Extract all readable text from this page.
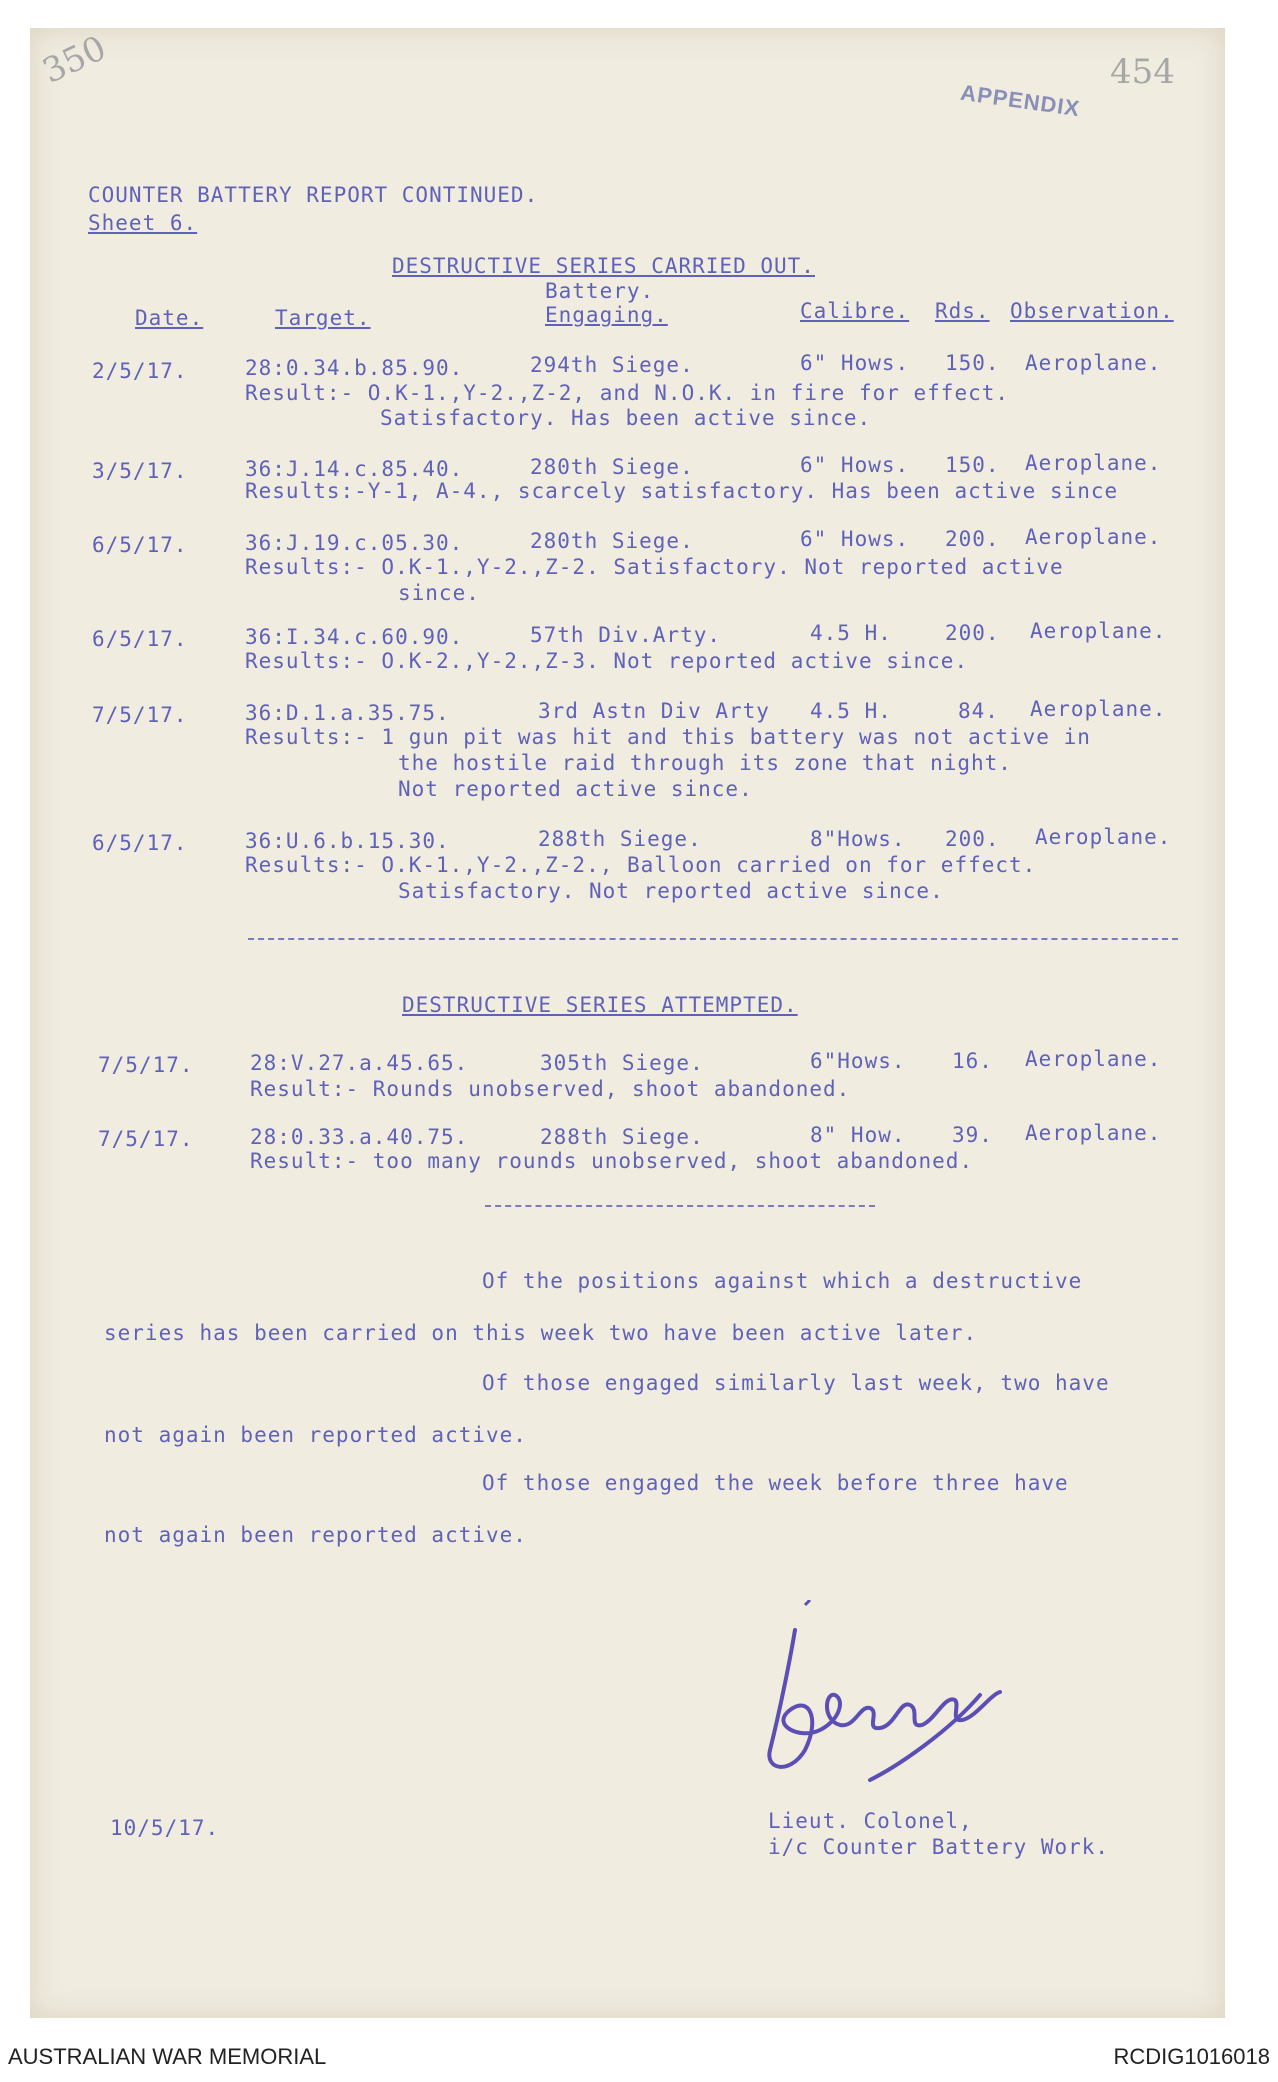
350	454
APPENDIX
COUNTER BATTERY REPORT CONTINUED.
Sheet 6.
DESTRUCTIVE SERIES CARRIED OUT.
Battery.
Date.	Target.	Engaging.	Calibre. Rds. Observation.
2/5/17.	28:0.34.b.85.90.	294th Siege.	6" Hows. 150. Aeroplane.
Result:- O.K-1.,Y-2.,Z-2, and N.O.K. in fire for effect.
Satisfactory. Has been active since.
3/5/17.	36:J.14.c.85.40.	280th Siege.	6" Hows. 150. Aeroplane.
Results:-Y-1, A-4., scarcely satisfactory. Has been active since
6/5/17.	36:J.19.c.05.30.	280th Siege.	6" Hows. 200. Aeroplane.
Results:- O.K-1.,Y-2.,Z-2. Satisfactory. Not reported active
since.
6/5/17.	36:I.34.c.60.90.	57th Div.Arty.	4.5 H.	200. Aeroplane.
Results:- O.K-2.,Y-2.,Z-3. Not reported active since.
7/5/17.	36:D.1.a.35.75.	3rd Astn Div Arty 4.5 H.	84. Aeroplane.
Results:- 1 gun pit was hit and this battery was not active in
the hostile raid through its zone that night.
Not reported active since.
6/5/17.	36:U.6.b.15.30.	288th Siege.	8"Hows. 200. Aeroplane.
Results:- O.K-1.,Y-2.,Z-2., Balloon carried on for effect.
Satisfactory. Not reported active since.
DESTRUCTIVE SERIES ATTEMPTED.
7/5/17.	28:V.27.a.45.65.	305th Siege.	6"Hows. 16. Aeroplane.
Result:- Rounds unobserved, shoot abandoned.
7/5/17.	28:0.33.a.40.75.	288th Siege.	8" How. 39. Aeroplane.
Result:- too many rounds unobserved, shoot abandoned.
Of the positions against which a destructive
series has been carried on this week two have been active later.
Of those engaged similarly last week, two have
not again been reported active.
Of those engaged the week before three have
not again been reported active.
10/5/17.	Lieut. Colonel,
i/c Counter Battery Work.
AUSTRALIAN WAR MEMORIAL	RCDIG1016018
